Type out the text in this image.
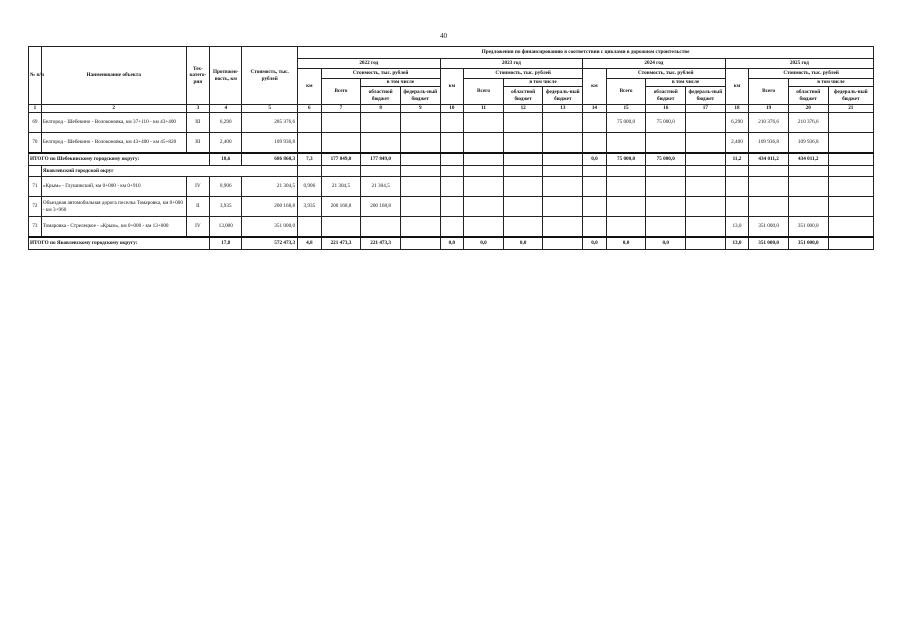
40
№ п/п	Наименование объекта	Тех-катего-рия	Протяжен-ность, км	Стоимость, тыс. рублей	Предложения по финансированию в соответствии с циклами в дорожном строительстве															
					2022 год				2023 год				2024 год				2025 год			
					км	Стоимость, тыс. рублей			км	Стоимость, тыс. рублей			км	Стоимость, тыс. рублей			км	Стоимость, тыс. рублей		
						Всего	в том числе			Всего	в том числе			Всего	в том числе			Всего	в том числе	
							областной бюджет	федераль-ный бюджет			областной бюджет	федераль-ный бюджет			областной бюджет	федераль-ный бюджет			областной бюджет	федераль-ный бюджет
1	2	3	4	5	6	7	8	9	10	11	12	13	14	15	16	17	18	19	20	21
69	Белгород - Шебекино - Волоконовка, км 37+110 - км 43+400	III	6,290	285 376,6										75 000,0	75 000,0		6,290	210 376,6	210 376,6	
70	Белгород - Шебекино - Волоконовка, км 43+400 - км 45+820	III	2,400	109 936,8													2,400	109 936,8	109 936,8	
ИТОГО по Шебекинскому городскому округу:			18,6	686 860,3	7,3	177 849,0	177 849,0						0,0	75 000,0	75 000,0		11,2	434 011,2	434 011,2	
	Яковлевский городской округ																			
71	«Крым» - Глушинский, км 0+000 - км 0+910	IV	0,906	21 304,5	0,906	21 304,5	21 304,5													
72	Объездная автомобильная дорога поселка Томаровка, км 0+000 - км 3+960	II	3,935	200 168,8	3,935	200 168,8	200 168,8													
73	Томаровка - Стрелецкое - «Крым», км 0+000 - км 13+000	IV	13,000	351 000,0													13,0	351 000,0	351 000,0	
ИТОГО по Яковлевскому городскому округу:			17,8	572 473,3	4,8	221 473,3	221 473,3		0,0	0,0	0,0		0,0	0,0	0,0		13,0	351 000,0	351 000,0	
